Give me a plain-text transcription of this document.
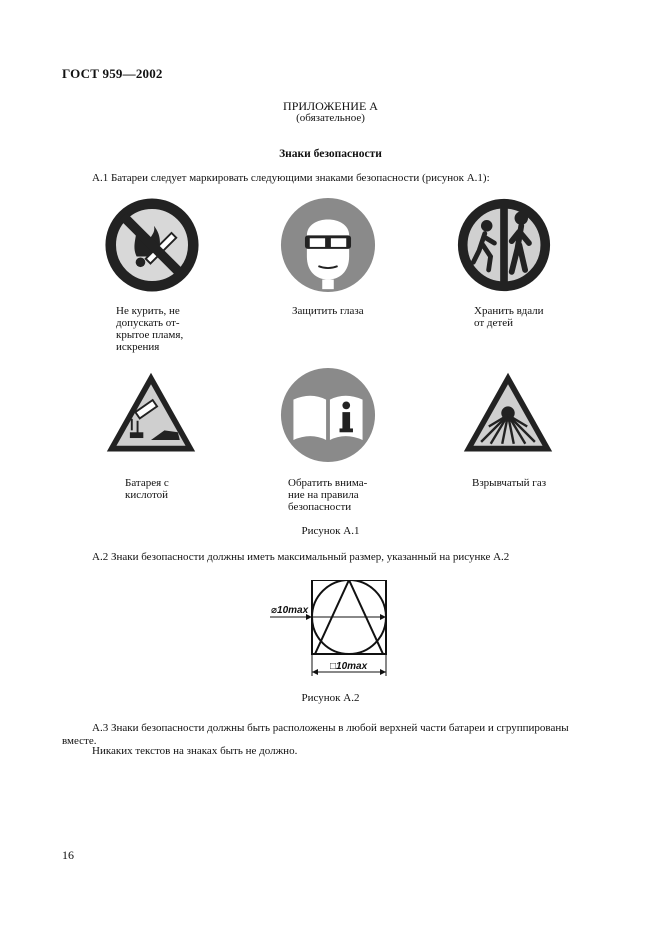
ГОСТ 959—2002
ПРИЛОЖЕНИЕ А
(обязательное)
Знаки безопасности
А.1 Батареи следует маркировать следующими знаками безопасности (рисунок А.1):
Не курить, не
допускать от-
крытое пламя,
искрения
Защитить глаза	Хранить вдали
от детей
Батарея с
кислотой
Обратить внима-
ние на правила
безопасности
Взрывчатый газ
Рисунок А.1
А.2 Знаки безопасности должны иметь максимальный размер, указанный на рисунке А.2
⌀10max
□10max
Рисунок А.2
А.3 Знаки безопасности должны быть расположены в любой верхней части батареи и сгруппированы
вместе.
Никаких текстов на знаках быть не должно.
16
